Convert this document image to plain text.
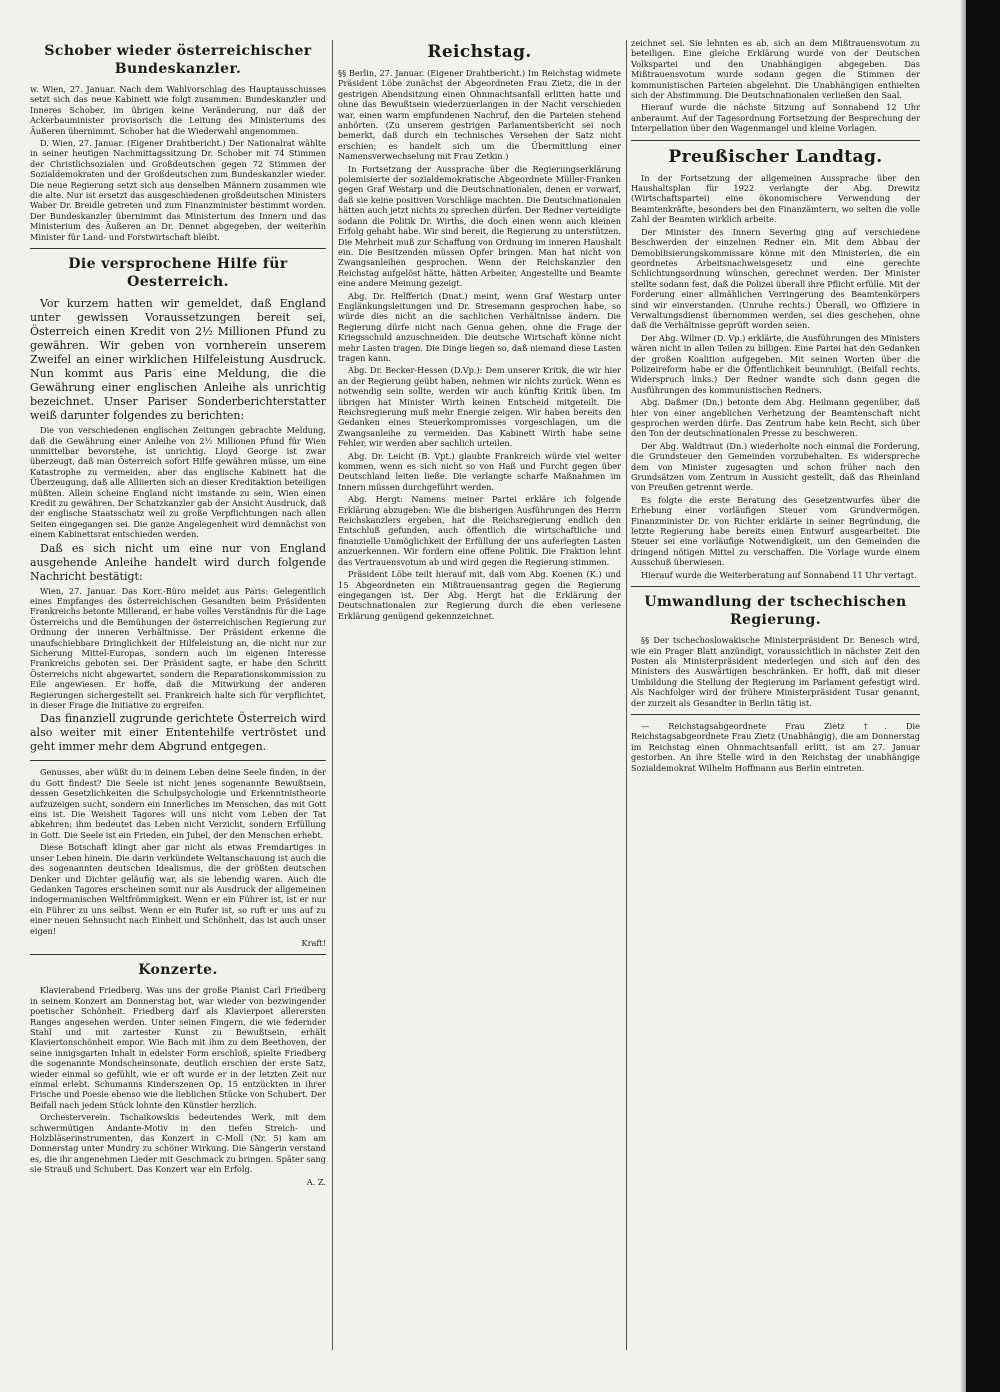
Schober wieder österreichischer Bundeskanzler.

w. Wien, 27. Januar. Nach dem Wahlvorschlag des Hauptausschusses setzt sich das neue Kabinett wie folgt zusammen: Bundeskanzler und Inneres Schober, im übrigen keine Veränderung, nur daß der Ackerbauminister provisorisch die Leitung des Ministeriums des Äußeren übernimmt. Schober hat die Wiederwahl angenommen.

D. Wien, 27. Januar. (Eigener Drahtbericht.) Der Nationalrat wählte in seiner heutigen Nachmittagssitzung Dr. Schober mit 74 Stimmen der Christlichsozialen und Großdeutschen gegen 72 Stimmen der Sozialdemokraten und der Großdeutschen zum Bundeskanzler wieder. Die neue Regierung setzt sich aus denselben Männern zusammen wie die alte. Nur ist ersetzt das ausgeschiedenen großdeutschen Ministers Waber Dr. Breidle getreten und zum Finanzminister bestimmt worden. Der Bundeskanzler übernimmt das Ministerium des Innern und das Ministerium des Äußeren an Dr. Dennet abgegeben, der weiterhin Minister für Land- und Forstwirtschaft bleibt.

Die versprochene Hilfe für Oesterreich.

Vor kurzem hatten wir gemeldet, daß England unter gewissen Voraussetzungen bereit sei, Österreich einen Kredit von 2½ Millionen Pfund zu gewähren. Wir geben von vornherein unserem Zweifel an einer wirklichen Hilfeleistung Ausdruck. Nun kommt aus Paris eine Meldung, die die Gewährung einer englischen Anleihe als unrichtig bezeichnet. Unser Pariser Sonderberichterstatter weiß darunter folgendes zu berichten:

Die von verschiedenen englischen Zeitungen gebrachte Meldung, daß die Gewährung einer Anleihe von 2½ Millionen Pfund für Wien unmittelbar bevorstehe, ist unrichtig. Lloyd George ist zwar überzeugt, daß man Österreich sofort Hilfe gewähren müsse, um eine Katastrophe zu vermeiden, aber das englische Kabinett hat die Überzeugung, daß alle Alliierten sich an dieser Kreditaktion beteiligen müßten. Allein scheine England nicht imstande zu sein, Wien einen Kredit zu gewähren. Der Schatzkanzler gab der Ansicht Ausdruck, daß der englische Staatsschatz weil zu große Verpflichtungen nach allen Seiten eingegangen sei. Die ganze Angelegenheit wird demnächst von einem Kabinettsrat entschieden werden.

Daß es sich nicht um eine nur von England ausgehende Anleihe handelt wird durch folgende Nachricht bestätigt:

Wien, 27. Januar. Das Korr.-Büro meldet aus Paris: Gelegentlich eines Empfanges des österreichischen Gesandten beim Präsidenten Frankreichs betonte Millerand, er habe volles Verständnis für die Lage Österreichs und die Bemühungen der österreichischen Regierung zur Ordnung der inneren Verhältnisse. Der Präsident erkenne die unaufschiebbare Dringlichkeit der Hilfeleistung an, die nicht nur zur Sicherung Mittel-Europas, sondern auch im eigenen Interesse Frankreichs geboten sei. Der Präsident sagte, er habe den Schritt Österreichs nicht abgewartet, sondern die Reparationskommission zu Eile angewiesen. Er hoffe, daß die Mitwirkung der anderen Regierungen sichergestellt sei. Frankreich halte sich für verpflichtet, in dieser Frage die Initiative zu ergreifen.

Das finanziell zugrunde gerichtete Österreich wird also weiter mit einer Ententehilfe vertröstet und geht immer mehr dem Abgrund entgegen.

Genusses, aber wüßt du in deinem Leben deine Seele finden, in der du Gott findest? Die Seele ist nicht jenes sogenannte Bewußtsein, dessen Gesetzlichkeiten die Schulpsychologie und Erkenntnistheorie aufzuzeigen sucht, sondern ein Innerliches im Menschen, das mit Gott eins ist. Die Weisheit Tagores will uns nicht vom Leben der Tat abkehren; ihm bedeutet das Leben nicht Verzicht, sondern Erfüllung in Gott. Die Seele ist ein Frieden, ein Jubel, der den Menschen erhebt.

Diese Botschaft klingt aber gar nicht als etwas Fremdartiges in unser Leben hinein. Die darin verkündete Weltanschauung ist auch die des sogenannten deutschen Idealismus, die der größten deutschen Denker und Dichter geläufig war, als sie lebendig waren. Auch die Gedanken Tagores erscheinen somit nur als Ausdruck der allgemeinen indogermanischen Weltfrömmigkeit. Wenn er ein Führer ist, ist er nur ein Führer zu uns selbst. Wenn er ein Rufer ist, so ruft er uns auf zu einer neuen Sehnsucht nach Einheit und Schönheit, das ist auch unser eigen!

Kraft!

Konzerte.

Klavierabend Friedberg. Was uns der große Pianist Carl Friedberg in seinem Konzert am Donnerstag bot, war wieder von bezwingender poetischer Schönheit. Friedberg darf als Klavierpoet allerersten Ranges angesehen werden. Unter seinen Fingern, die wie federnder Stahl und mit zartester Kunst zu Bewußtsein, erhält Klaviertonschönheit empor. Wie Bach mit ihm zu dem Beethoven, der seine innigsgarten Inhalt in edelster Form erschloß, spielte Friedberg die sogenannte Mondscheinsonate, deutlich erschien der erste Satz, wieder einmal so gefühlt, wie er oft wurde er in der letzten Zeit nur einmal erlebt. Schumanns Kinderszenen Op. 15 entzückten in ihrer Frische und Poesie ebenso wie die lieblichen Stücke von Schubert. Der Beifall nach jedem Stück lohnte den Künstler herzlich.

Orchesterverein. Tschaikowskis bedeutendes Werk, mit dem schwermütigen Andante-Motiv in den tiefen Streich- und Holzbläserinstrumenten, das Konzert in C-Moll (Nr. 5) kam am Donnerstag unter Mundry zu schöner Wirkung. Die Sängerin verstand es, die ihr angenehmen Lieder mit Geschmack zu bringen. Später sang sie Strauß und Schubert. Das Konzert war ein Erfolg.

A. Z.

Reichstag.

§§ Berlin, 27. Januar. (Eigener Drahtbericht.) Im Reichstag widmete Präsident Löbe zunächst der Abgeordneten Frau Zietz, die in der gestrigen Abendsitzung einen Ohnmachtsanfall erlitten hatte und ohne das Bewußtsein wiederzuerlangen in der Nacht verschieden war, einen warm empfundenen Nachruf, den die Parteien stehend anhörten. (Zu unserem gestrigen Parlamentsbericht sei noch bemerkt, daß durch ein technisches Versehen der Satz nicht erschien; es handelt sich um die Übermittlung einer Namensverwechselung mit Frau Zetkin.)

In Fortsetzung der Aussprache über die Regierungserklärung polemisierte der sozialdemokratische Abgeordnete Müller-Franken gegen Graf Westarp und die Deutschnationalen, denen er vorwarf, daß sie keine positiven Vorschläge machten. Die Deutschnationalen hätten auch jetzt nichts zu sprechen dürfen. Der Redner verteidigte sodann die Politik Dr. Wirths, die doch einen wenn auch kleinen Erfolg gehabt habe. Wir sind bereit, die Regierung zu unterstützen. Die Mehrheit muß zur Schaffung von Ordnung im inneren Haushalt ein. Die Besitzenden müssen Opfer bringen. Man hat nicht von Zwangsanleihen gesprochen. Wenn der Reichskanzler den Reichstag aufgelöst hätte, hätten Arbeiter, Angestellte und Beamte eine andere Meinung gezeigt.

Abg. Dr. Helfferich (Dnat.) meint, wenn Graf Westarp unter Englänkungsleitungen und Dr. Stresemann gesprochen habe, so würde dies nicht an die sachlichen Verhältnisse ändern. Die Regierung dürfe nicht nach Genua gehen, ohne die Frage der Kriegsschuld anzuschneiden. Die deutsche Wirtschaft könne nicht mehr Lasten tragen. Die Dinge liegen so, daß niemand diese Lasten tragen kann.

Abg. Dr. Becker-Hessen (D.Vp.): Dem unserer Kritik, die wir hier an der Regierung geübt haben, nehmen wir nichts zurück. Wenn es notwendig sein sollte, werden wir auch künftig Kritik üben. Im übrigen hat Minister Wirth keinen Entscheid mitgeteilt. Die Reichsregierung muß mehr Energie zeigen. Wir haben bereits den Gedanken eines Steuerkompromisses vorgeschlagen, um die Zwangsanleihe zu vermeiden. Das Kabinett Wirth habe seine Fehler, wir werden aber sachlich urteilen.

Abg. Dr. Leicht (B. Vpt.) glaubte Frankreich würde viel weiter kommen, wenn es sich nicht so von Haß und Furcht gegen über Deutschland leiten ließe. Die verlangte scharfe Maßnahmen im Innern müssen durchgeführt werden.

Abg. Hergt: Namens meiner Partei erkläre ich folgende Erklärung abzugeben: Wie die bisherigen Ausführungen des Herrn Reichskanzlers ergeben, hat die Reichsregierung endlich den Entschluß gefunden, auch öffentlich die wirtschaftliche und finanzielle Unmöglichkeit der Erfüllung der uns auferlegten Lasten anzuerkennen. Wir fordern eine offene Politik. Die Fraktion lehnt das Vertrauensvotum ab und wird gegen die Regierung stimmen.

Präsident Löbe teilt hierauf mit, daß vom Abg. Koenen (K.) und 15 Abgeordneten ein Mißtrauensantrag gegen die Regierung eingegangen ist. Der Abg. Hergt hat die Erklärung der Deutschnationalen zur Regierung durch die eben verlesene Erklärung genügend gekennzeichnet.

zeichnet sei. Sie lehnten es ab, sich an dem Mißtrauensvotum zu beteiligen. Eine gleiche Erklärung wurde von der Deutschen Volkspartei und den Unabhängigen abgegeben. Das Mißtrauensvotum wurde sodann gegen die Stimmen der kommunistischen Parteien abgelehnt. Die Unabhängigen enthielten sich der Abstimmung. Die Deutschnationalen verließen den Saal.

Hierauf wurde die nächste Sitzung auf Sonnabend 12 Uhr anberaumt. Auf der Tagesordnung Fortsetzung der Besprechung der Interpellation über den Wagenmangel und kleine Vorlagen.

Preußischer Landtag.

In der Fortsetzung der allgemeinen Aussprache über den Haushaltsplan für 1922 verlangte der Abg. Drewitz (Wirtschaftspartei) eine ökonomischere Verwendung der Beamtenkräfte, besonders bei den Finanzämtern, wo selten die volle Zahl der Beamten wirklich arbeite.

Der Minister des Innern Severing ging auf verschiedene Beschwerden der einzelnen Redner ein. Mit dem Abbau der Demobilisierungskommissare könne mit den Ministerien, die ein geordnetes Arbeitsnachweisgesetz und eine gerechte Schlichtungsordnung wünschen, gerechnet werden. Der Minister stellte sodann fest, daß die Polizei überall ihre Pflicht erfülle. Mit der Forderung einer allmählichen Verringerung des Beamtenkörpers sind wir einverstanden. (Unruhe rechts.) Überall, wo Offiziere in Verwaltungsdienst übernommen werden, sei dies geschehen, ohne daß die Verhältnisse geprüft worden seien.

Der Abg. Wilmer (D. Vp.) erklärte, die Ausführungen des Ministers wären nicht in allen Teilen zu billigen. Eine Partei hat den Gedanken der großen Koalition aufgegeben. Mit seinen Worten über die Polizeireform habe er die Öffentlichkeit beunruhigt. (Beifall rechts. Widerspruch links.) Der Redner wandte sich dann gegen die Ausführungen des kommunistischen Redners.

Abg. Daßmer (Dn.) betonte dem Abg. Heilmann gegenüber, daß hier von einer angeblichen Verhetzung der Beamtenschaft nicht gesprochen werden dürfe. Das Zentrum habe kein Recht, sich über den Ton der deutschnationalen Presse zu beschweren.

Der Abg. Waldtraut (Dn.) wiederholte noch einmal die Forderung, die Grundsteuer den Gemeinden vorzubehalten. Es widerspreche dem von Minister zugesagten und schon früher nach den Grundsätzen vom Zentrum in Aussicht gestellt, daß das Rheinland von Preußen getrennt werde.

Es folgte die erste Beratung des Gesetzentwurfes über die Erhebung einer vorläufigen Steuer vom Grundvermögen. Finanzminister Dr. von Richter erklärte in seiner Begründung, die letzte Regierung habe bereits einen Entwurf ausgearbeitet. Die Steuer sei eine vorläufige Notwendigkeit, um den Gemeinden die dringend nötigen Mittel zu verschaffen. Die Vorlage wurde einem Ausschuß überwiesen.

Hierauf wurde die Weiterberatung auf Sonnabend 11 Uhr vertagt.

Umwandlung der tschechischen Regierung.

§§ Der tschechoslowakische Ministerpräsident Dr. Benesch wird, wie ein Prager Blatt anzündigt, voraussichtlich in nächster Zeit den Posten als Ministerpräsident niederlegen und sich auf den des Ministers des Auswärtigen beschränken. Er hofft, daß mit dieser Umbildung die Stellung der Regierung im Parlament gefestigt wird. Als Nachfolger wird der frühere Ministerpräsident Tusar genannt, der zurzeit als Gesandter in Berlin tätig ist.

— Reichstagsabgeordnete Frau Zietz †. Die Reichstagsabgeordnete Frau Zietz (Unabhängig), die am Donnerstag im Reichstag einen Ohnmachtsanfall erlitt, ist am 27. Januar gestorben. An ihre Stelle wird in den Reichstag der unabhängige Sozialdemokrat Wilhelm Hoffmann aus Berlin eintreten.
